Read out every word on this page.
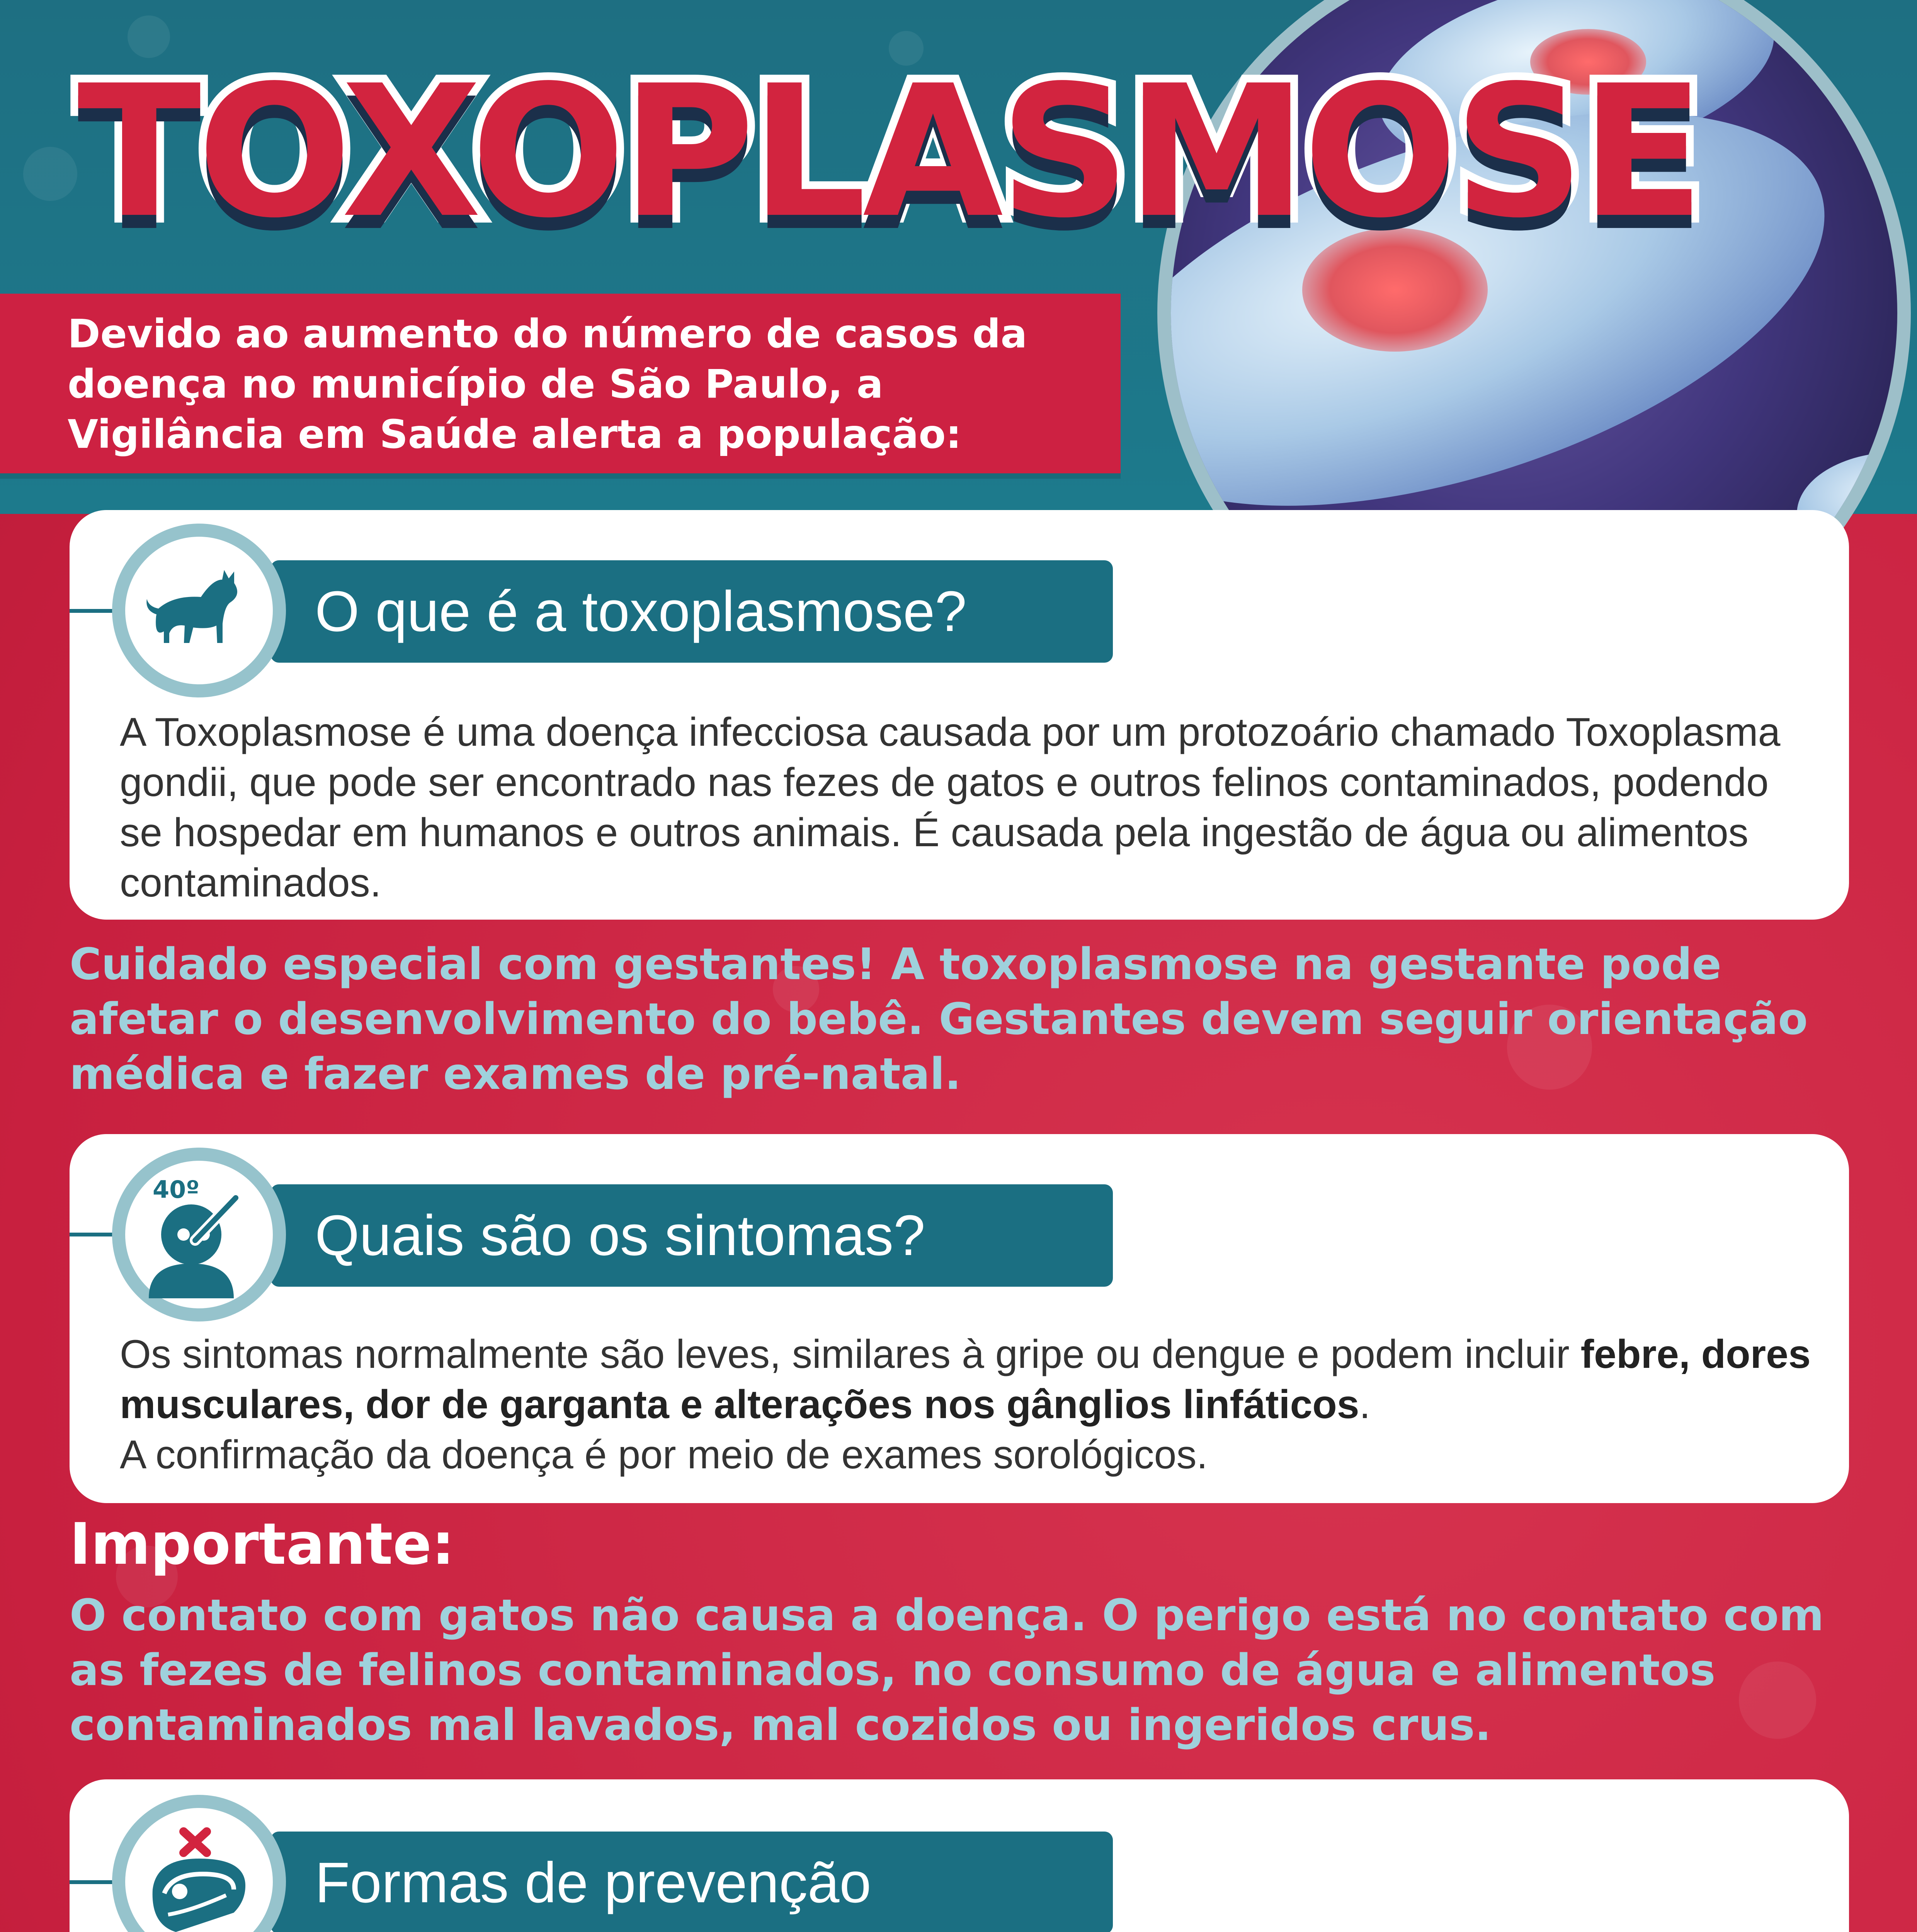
TOXOPLASMOSE

Devido ao aumento do número de casos da doença no município de São Paulo, a Vigilância em Saúde alerta a população:

A Toxoplasmose é uma doença infecciosa causada por um protozoário chamado Toxoplasma gondii, que pode ser encontrado nas fezes de gatos e outros felinos contaminados, podendo se hospedar em humanos e outros animais. É causada pela ingestão de água ou alimentos contaminados.

O que é a toxoplasmose?

Cuidado especial com gestantes! A toxoplasmose na gestante pode afetar o desenvolvimento do bebê. Gestantes devem seguir orientação médica e fazer exames de pré-natal.

Os sintomas normalmente são leves, similares à gripe ou dengue e podem incluir febre, dores musculares, dor de garganta e alterações nos gânglios linfáticos.
A confirmação da doença é por meio de exames sorológicos.

Quais são os sintomas?

40º
Importante:

O contato com gatos não causa a doença. O perigo está no contato com as fezes de felinos contaminados, no consumo de água e alimentos contaminados mal lavados, mal cozidos ou ingeridos crus.

Formas de prevenção
